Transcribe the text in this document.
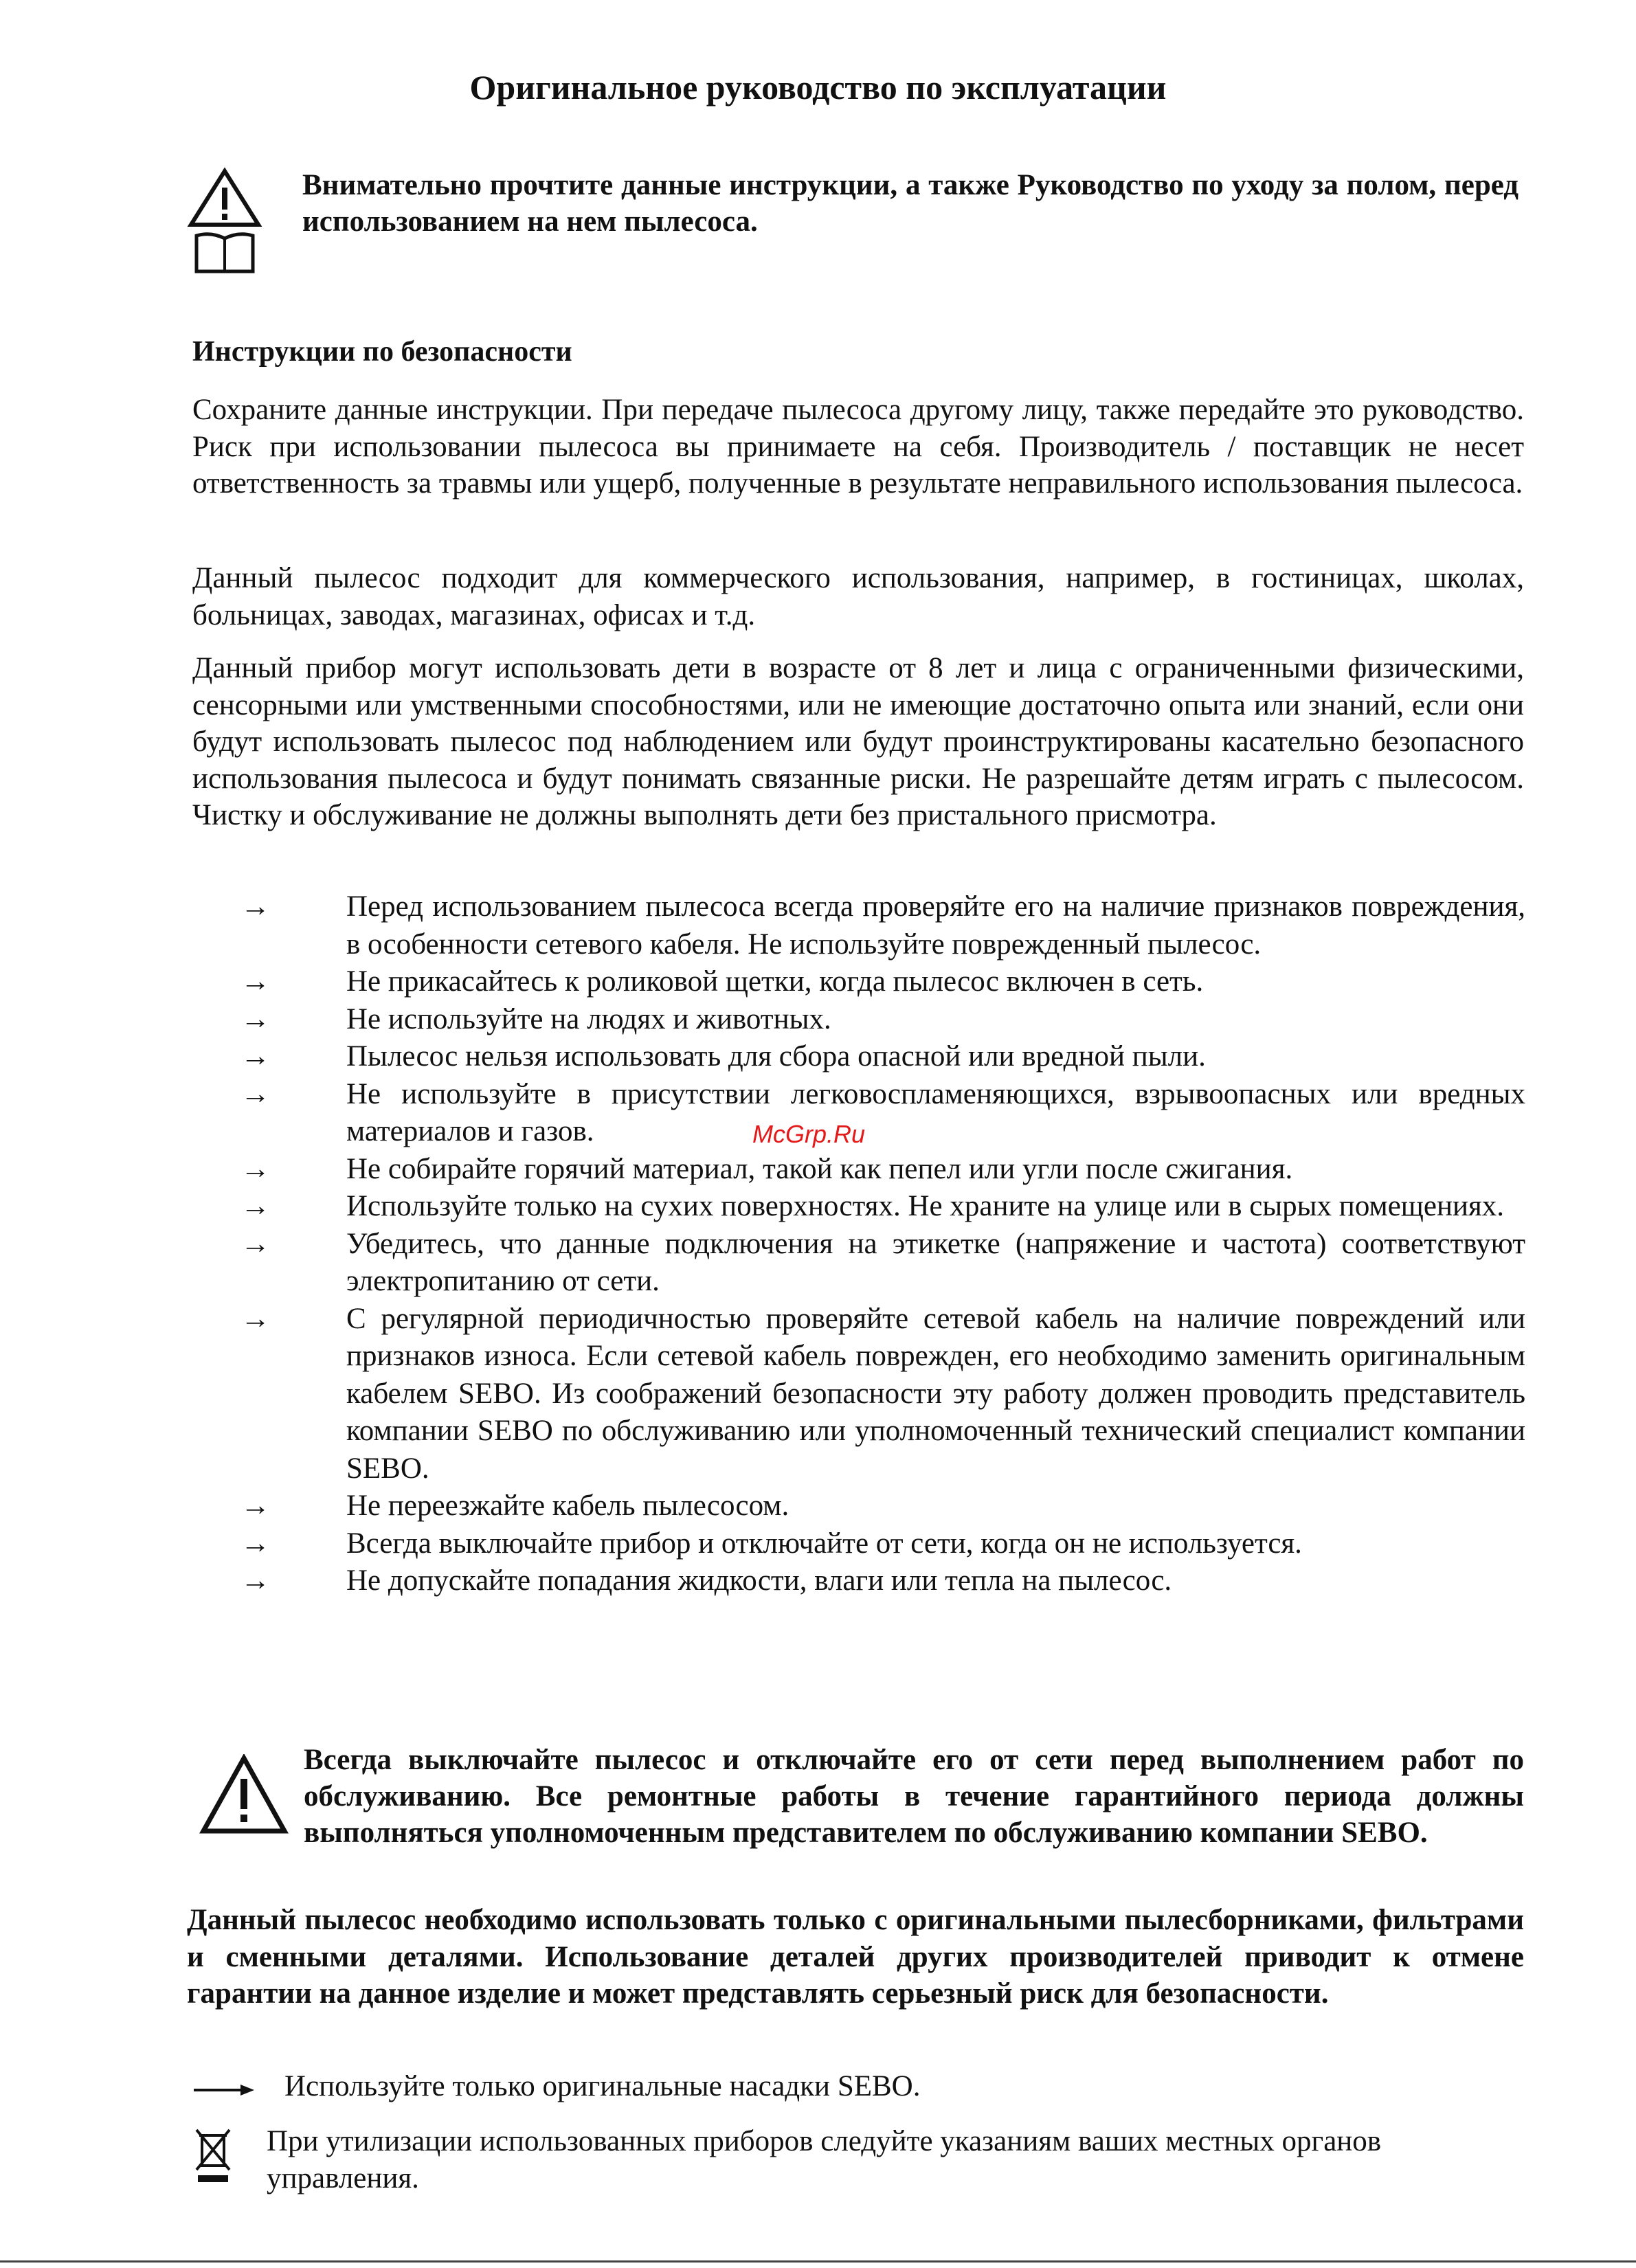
Оригинальное руководство по эксплуатации
Внимательно прочтите данные инструкции, а также Руководство по уходу за полом, перед использованием на нем пылесоса.
Инструкции по безопасности

Сохраните данные инструкции. При передаче пылесоса другому лицу, также передайте это руководство. Риск при использовании пылесоса вы принимаете на себя. Производитель / поставщик не несет ответственность за травмы или ущерб, полученные в результате неправильного использования пылесоса.

Данный пылесос подходит для коммерческого использования, например, в гостиницах, школах, больницах, заводах, магазинах, офисах и т.д.

Данный прибор могут использовать дети в возрасте от 8 лет и лица с ограниченными физическими, сенсорными или умственными способностями, или не имеющие достаточно опыта или знаний, если они будут использовать пылесос под наблюдением или будут проинструктированы касательно безопасного использования пылесоса и будут понимать связанные риски. Не разрешайте детям играть с пылесосом. Чистку и обслуживание не должны выполнять дети без пристального присмотра.

→	Перед использованием пылесоса всегда проверяйте его на наличие признаков повреждения, в особенности сетевого кабеля. Не используйте поврежденный пылесос.
→	Не прикасайтесь к роликовой щетки, когда пылесос включен в сеть.
→	Не используйте на людях и животных.
→	Пылесос нельзя использовать для сбора опасной или вредной пыли.
→	Не используйте в присутствии легковоспламеняющихся, взрывоопасных или вредных материалов и газов.
→	Не собирайте горячий материал, такой как пепел или угли после сжигания.
→	Используйте только на сухих поверхностях. Не храните на улице или в сырых помещениях.
→	Убедитесь, что данные подключения на этикетке (напряжение и частота) соответствуют электропитанию от сети.
→	С регулярной периодичностью проверяйте сетевой кабель на наличие повреждений или признаков износа. Если сетевой кабель поврежден, его необходимо заменить оригинальным кабелем SEBO. Из соображений безопасности эту работу должен проводить представитель компании SEBO по обслуживанию или уполномоченный технический специалист компании SEBO.
→	Не переезжайте кабель пылесосом.
→	Всегда выключайте прибор и отключайте от сети, когда он не используется.
→	Не допускайте попадания жидкости, влаги или тепла на пылесос.
McGrp.Ru
Всегда выключайте пылесос и отключайте его от сети перед выполнением работ по обслуживанию. Все ремонтные работы в течение гарантийного периода должны выполняться уполномоченным представителем по обслуживанию компании SEBO.

Данный пылесос необходимо использовать только с оригинальными пылесборниками, фильтрами и сменными деталями. Использование деталей других производителей приводит к отмене гарантии на данное изделие и может представлять серьезный риск для безопасности.

Используйте только оригинальные насадки SEBO.
При утилизации использованных приборов следуйте указаниям ваших местных органов управления.
